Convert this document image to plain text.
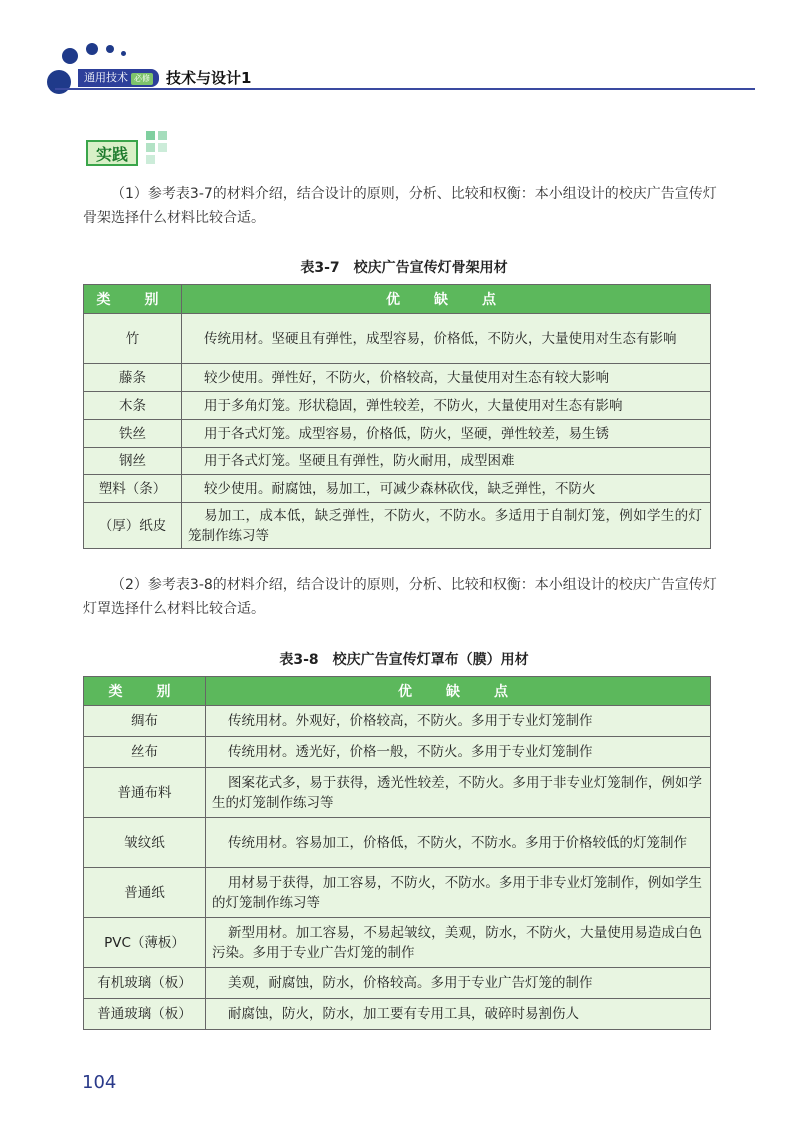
通用技术 必修	技术与设计1
实践
（1）参考表3-7的材料介绍，结合设计的原则，分析、比较和权衡：本小组设计的校庆广告宣传灯骨架选择什么材料比较合适。
表3-7　校庆广告宣传灯骨架用材
类　别	优　缺　点
竹	传统用材。坚硬且有弹性，成型容易，价格低，不防火，大量使用对生态有影响
藤条	较少使用。弹性好，不防火，价格较高，大量使用对生态有较大影响
木条	用于多角灯笼。形状稳固，弹性较差，不防火，大量使用对生态有影响
铁丝	用于各式灯笼。成型容易，价格低，防火，坚硬，弹性较差，易生锈
钢丝	用于各式灯笼。坚硬且有弹性，防火耐用，成型困难
塑料（条）	较少使用。耐腐蚀，易加工，可减少森林砍伐，缺乏弹性，不防火
（厚）纸皮	易加工，成本低，缺乏弹性，不防火，不防水。多适用于自制灯笼，例如学生的灯笼制作练习等
（2）参考表3-8的材料介绍，结合设计的原则，分析、比较和权衡：本小组设计的校庆广告宣传灯灯罩选择什么材料比较合适。
表3-8　校庆广告宣传灯罩布（膜）用材
类　别	优　缺　点
绸布	传统用材。外观好，价格较高，不防火。多用于专业灯笼制作
丝布	传统用材。透光好，价格一般，不防火。多用于专业灯笼制作
普通布料	图案花式多，易于获得，透光性较差，不防火。多用于非专业灯笼制作，例如学生的灯笼制作练习等
皱纹纸	传统用材。容易加工，价格低，不防火，不防水。多用于价格较低的灯笼制作
普通纸	用材易于获得，加工容易，不防火，不防水。多用于非专业灯笼制作，例如学生的灯笼制作练习等
PVC（薄板）	新型用材。加工容易，不易起皱纹，美观，防水，不防火，大量使用易造成白色污染。多用于专业广告灯笼的制作
有机玻璃（板）	美观，耐腐蚀，防水，价格较高。多用于专业广告灯笼的制作
普通玻璃（板）	耐腐蚀，防火，防水，加工要有专用工具，破碎时易割伤人
104
